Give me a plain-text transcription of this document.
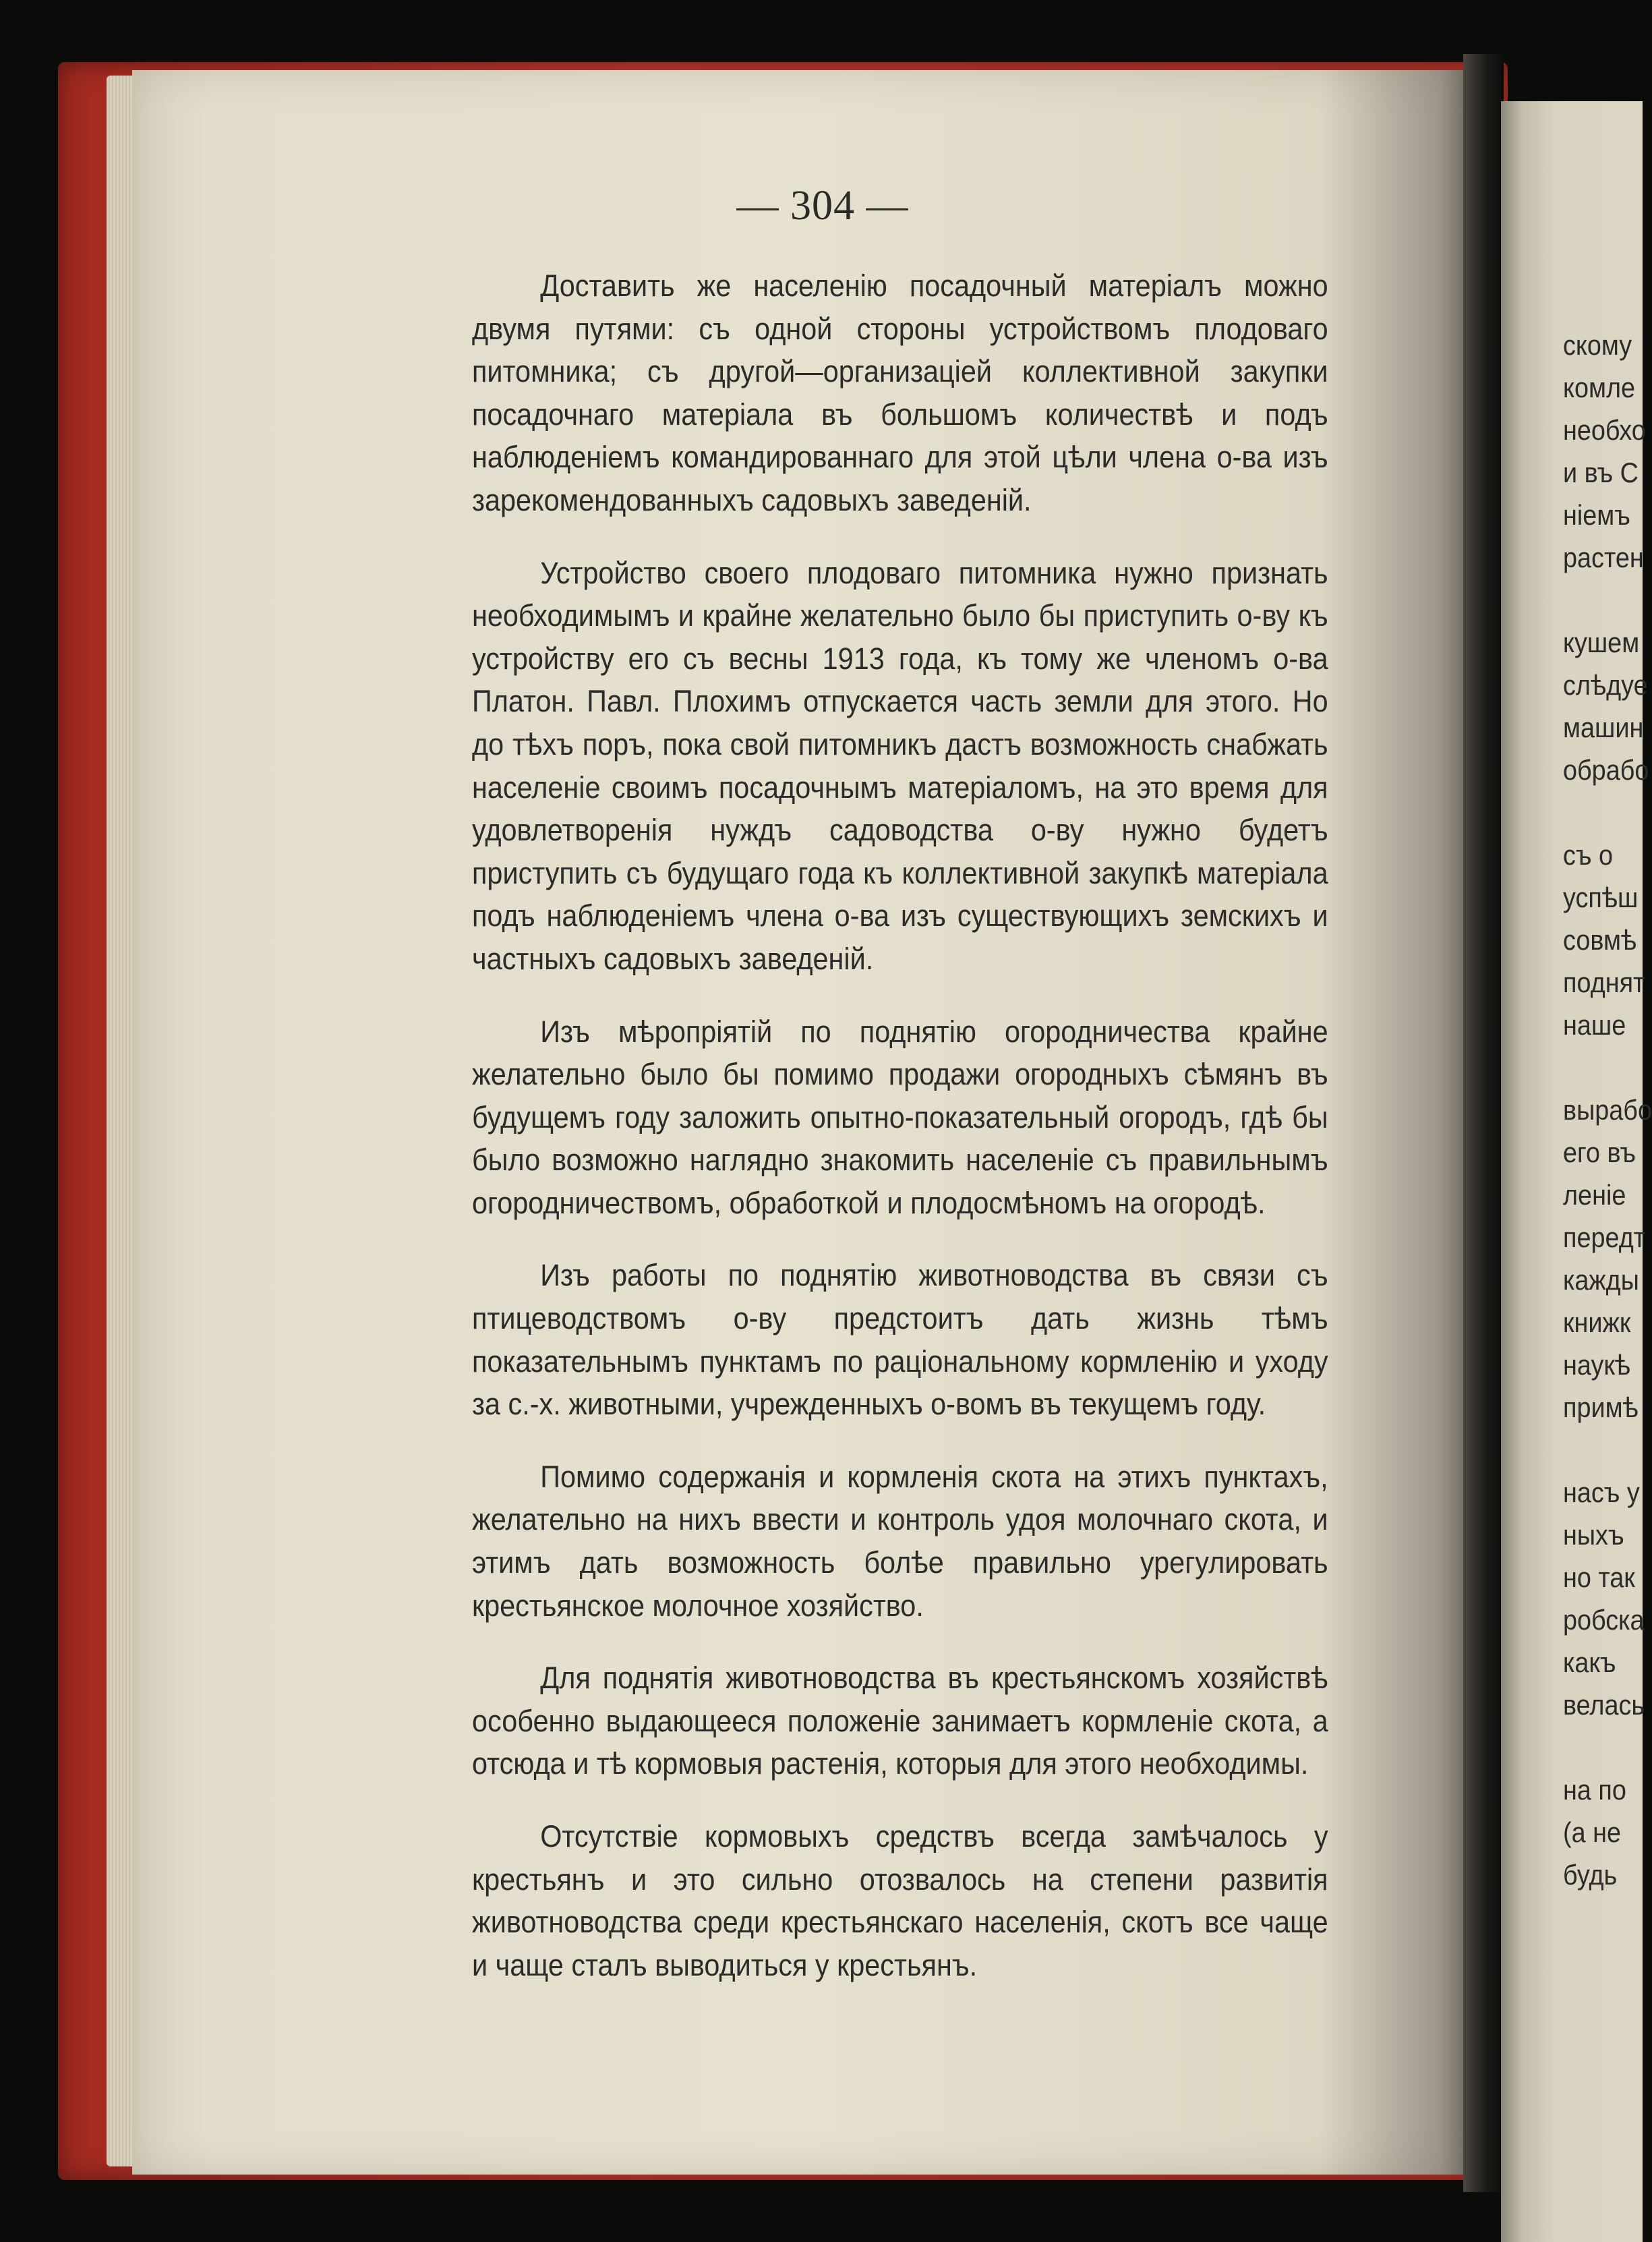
— 304 —

Доставить же населенію посадочный матеріалъ можно двумя путями: съ одной стороны устройствомъ плодоваго питомника; съ другой—организацiей коллективной закупки посадочнаго матеріала въ большомъ количествѣ и подъ наблюденіемъ командированнаго для этой цѣли члена о-ва изъ зарекомендованныхъ садовыхъ заведеній.

Устройство своего плодоваго питомника нужно признать необходимымъ и крайне желательно было бы приступить о-ву къ устройству его съ весны 1913 года, къ тому же членомъ о-ва Платон. Павл. Плохимъ отпускается часть земли для этого. Но до тѣхъ поръ, пока свой питомникъ дастъ возможность снабжать населеніе своимъ посадочнымъ матеріаломъ, на это время для удовлетворенія нуждъ садоводства о-ву нужно будетъ приступить съ будущаго года къ коллективной закупкѣ матеріала подъ наблюденіемъ члена о-ва изъ существующихъ земскихъ и частныхъ садовыхъ заведеній.

Изъ мѣропріятій по поднятію огородничества крайне желательно было бы помимо продажи огородныхъ сѣмянъ въ будущемъ году заложить опытно-показательный огородъ, гдѣ бы было возможно наглядно знакомить населеніе съ правильнымъ огородничествомъ, обработкой и плодосмѣномъ на огородѣ.

Изъ работы по поднятію животноводства въ связи съ птицеводствомъ о-ву предстоитъ дать жизнь тѣмъ показательнымъ пунктамъ по раціональному кормленію и уходу за с.-х. животными, учрежденныхъ о-вомъ въ текущемъ году.

Помимо содержанія и кормленія скота на этихъ пунктахъ, желательно на нихъ ввести и контроль удоя молочнаго скота, и этимъ дать возможность болѣе правильно урегулировать крестьянское молочное хозяйство.

Для поднятія животноводства въ крестьянскомъ хозяйствѣ особенно выдающееся положеніе занимаетъ кормленіе скота, а отсюда и тѣ кормовыя растенія, которыя для этого необходимы.

Отсутствіе кормовыхъ средствъ всегда замѣчалось у крестьянъ и это сильно отозвалось на степени развитія животноводства среди крестьянскаго населенія, скотъ все чаще и чаще сталъ выводиться у крестьянъ.

скому
комле
необхо
и въ С
ніемъ
растен
кушем
слѣдуе
машин
обрабо
съ о
успѣш
совмѣ
поднят
наше
вырабо
его въ
леніе
передт
кажды
книжк
наукѣ
примѣ
насъ у
ныхъ
но так
робска
какъ
велась
на по
(а не
будь
